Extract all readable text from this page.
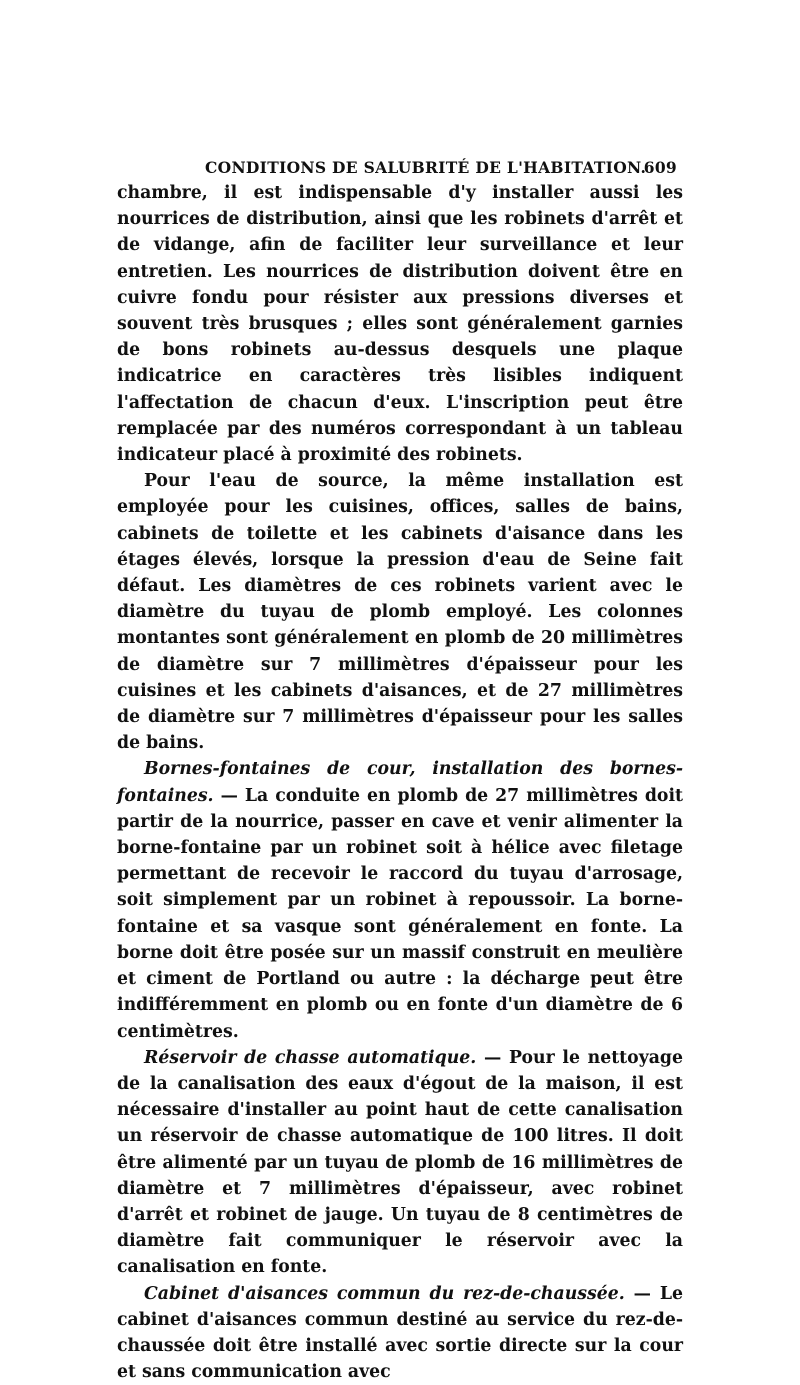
CONDITIONS DE SALUBRITÉ DE L'HABITATION.
609

chambre, il est indispensable d'y installer aussi les nourrices de distribution, ainsi que les robinets d'arrêt et de vidange, afin de faciliter leur surveillance et leur entretien. Les nourrices de distribution doivent être en cuivre fondu pour résister aux pressions diverses et souvent très brusques ; elles sont généralement garnies de bons robinets au-dessus desquels une plaque indicatrice en caractères très lisibles indiquent l'affectation de chacun d'eux. L'inscription peut être remplacée par des numéros correspondant à un tableau indicateur placé à proximité des robinets.

Pour l'eau de source, la même installation est employée pour les cuisines, offices, salles de bains, cabinets de toilette et les cabinets d'aisance dans les étages élevés, lorsque la pression d'eau de Seine fait défaut. Les diamètres de ces robinets varient avec le diamètre du tuyau de plomb employé. Les colonnes montantes sont généralement en plomb de 20 millimètres de diamètre sur 7 millimètres d'épaisseur pour les cuisines et les cabinets d'aisances, et de 27 millimètres de diamètre sur 7 millimètres d'épaisseur pour les salles de bains.

Bornes-fontaines de cour, installation des bornes-fontaines. — La conduite en plomb de 27 millimètres doit partir de la nourrice, passer en cave et venir alimenter la borne-fontaine par un robinet soit à hélice avec filetage permettant de recevoir le raccord du tuyau d'arrosage, soit simplement par un robinet à repoussoir. La borne-fontaine et sa vasque sont généralement en fonte. La borne doit être posée sur un massif construit en meulière et ciment de Portland ou autre : la décharge peut être indifféremment en plomb ou en fonte d'un diamètre de 6 centimètres.

Réservoir de chasse automatique. — Pour le nettoyage de la canalisation des eaux d'égout de la maison, il est nécessaire d'installer au point haut de cette canalisation un réservoir de chasse automatique de 100 litres. Il doit être alimenté par un tuyau de plomb de 16 millimètres de diamètre et 7 millimètres d'épaisseur, avec robinet d'arrêt et robinet de jauge. Un tuyau de 8 centimètres de diamètre fait communiquer le réservoir avec la canalisation en fonte.

Cabinet d'aisances commun du rez-de-chaussée. — Le cabinet d'aisances commun destiné au service du rez-de-chaussée doit être installé avec sortie directe sur la cour et sans communication avec
